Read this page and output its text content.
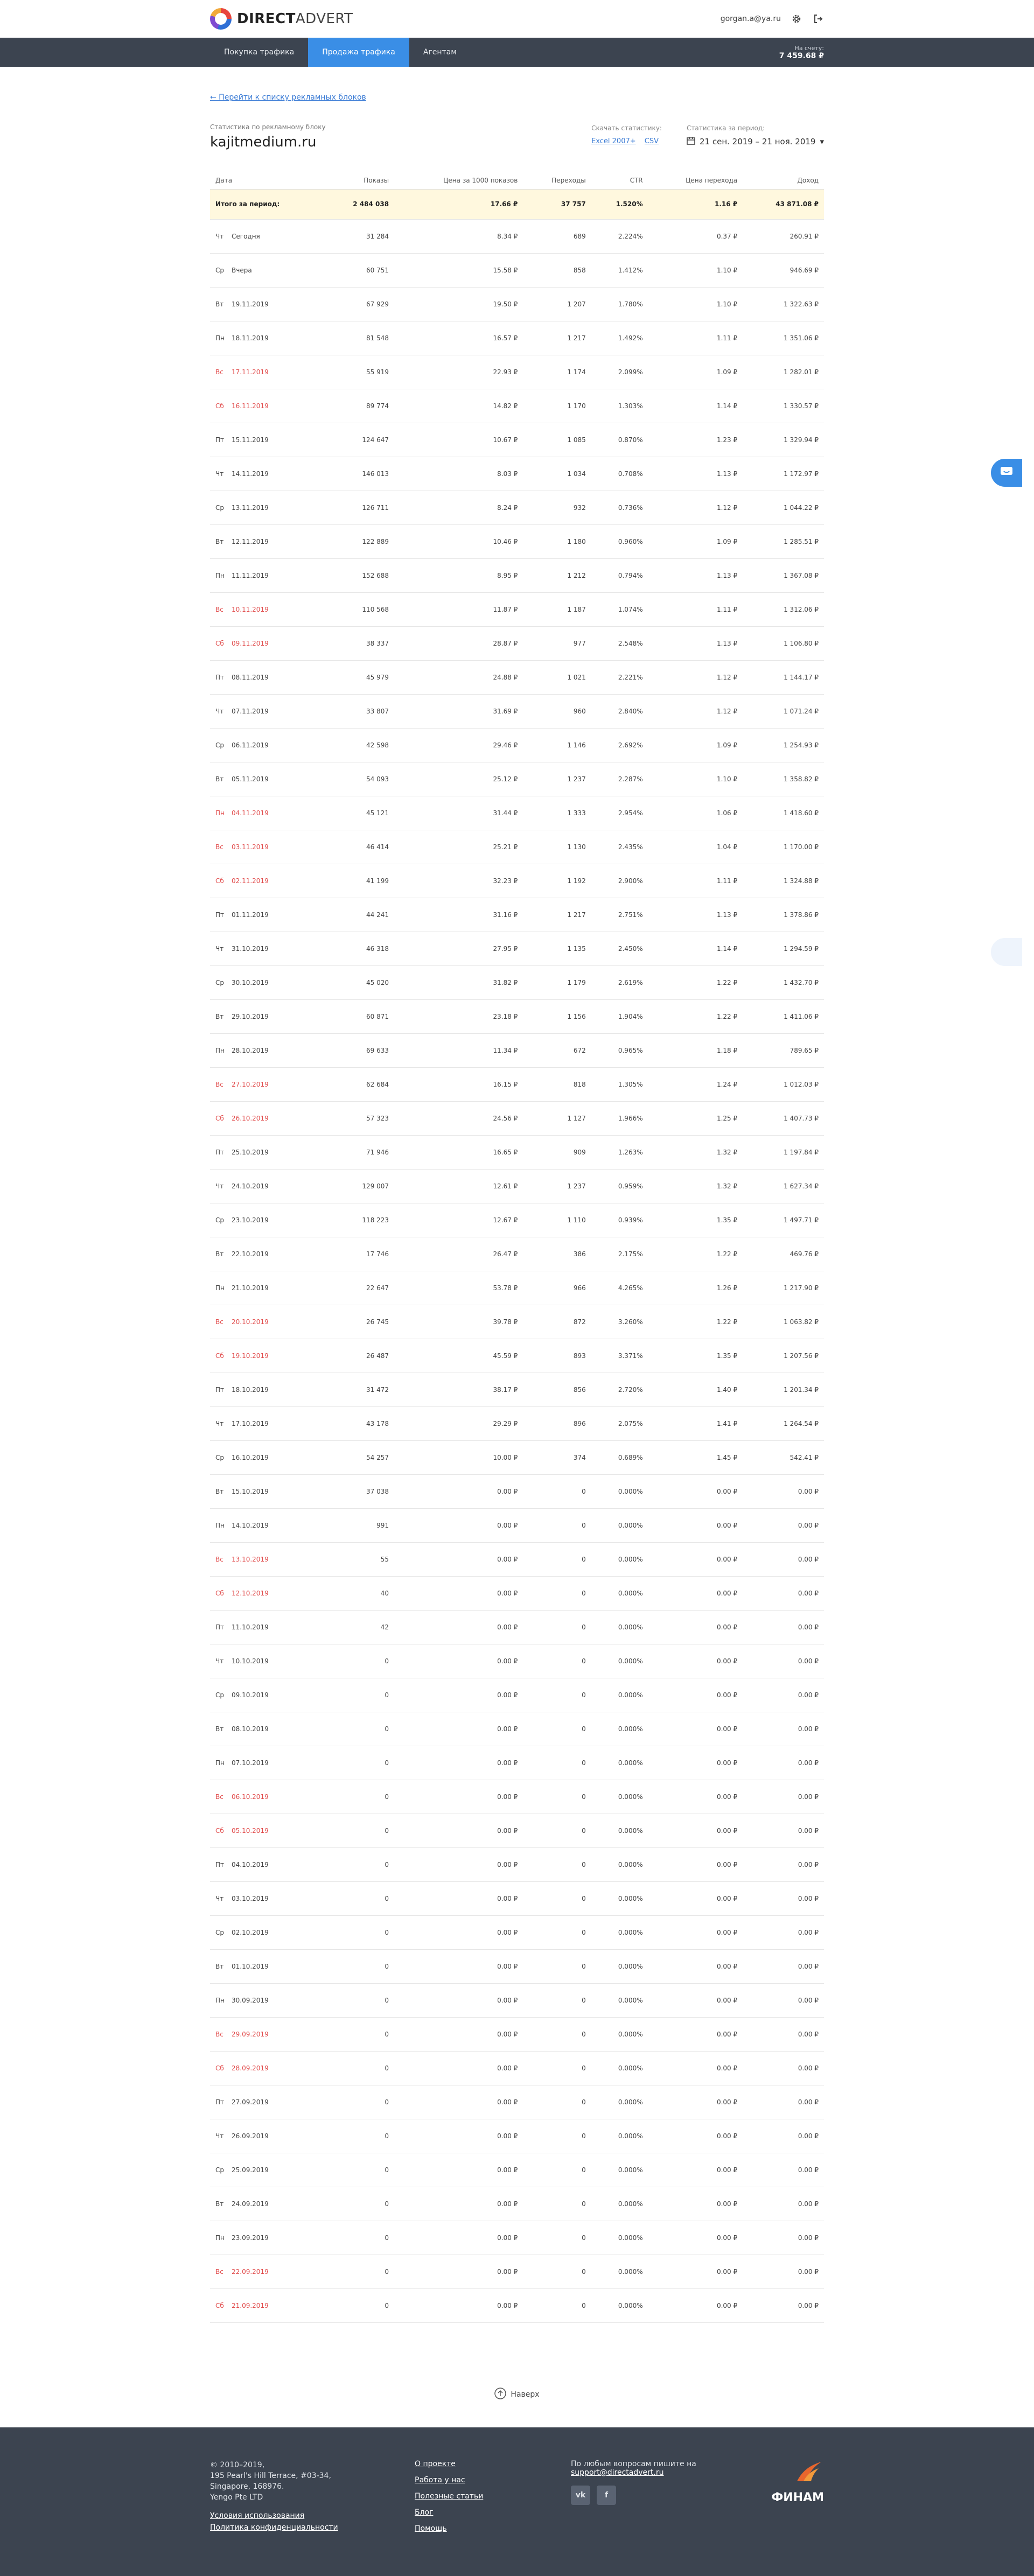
DIRECTADVERT	gorgan.a@ya.ru
Покупка трафика	Продажа трафика	Агентам	На счету:
7 459.68 ₽
← Перейти к списку рекламных блоков
Статистика по рекламному блоку
kajitmedium.ru
Скачать статистику:
Excel 2007+ CSV
Статистика за период:
21 сен. 2019 – 21 ноя. 2019 ▾
Дата	Показы	Цена за 1000 показов	Переходы	CTR	Цена перехода	Доход
Итого за период:	2 484 038	17.66 ₽	37 757	1.520%	1.16 ₽	43 871.08 ₽
Чт Сегодня	31 284	8.34 ₽	689	2.224%	0.37 ₽	260.91 ₽
Ср Вчера	60 751	15.58 ₽	858	1.412%	1.10 ₽	946.69 ₽
Вт 19.11.2019	67 929	19.50 ₽	1 207	1.780%	1.10 ₽	1 322.63 ₽
Пн 18.11.2019	81 548	16.57 ₽	1 217	1.492%	1.11 ₽	1 351.06 ₽
Вс 17.11.2019	55 919	22.93 ₽	1 174	2.099%	1.09 ₽	1 282.01 ₽
Сб 16.11.2019	89 774	14.82 ₽	1 170	1.303%	1.14 ₽	1 330.57 ₽
Пт 15.11.2019	124 647	10.67 ₽	1 085	0.870%	1.23 ₽	1 329.94 ₽
Чт 14.11.2019	146 013	8.03 ₽	1 034	0.708%	1.13 ₽	1 172.97 ₽
Ср 13.11.2019	126 711	8.24 ₽	932	0.736%	1.12 ₽	1 044.22 ₽
Вт 12.11.2019	122 889	10.46 ₽	1 180	0.960%	1.09 ₽	1 285.51 ₽
Пн 11.11.2019	152 688	8.95 ₽	1 212	0.794%	1.13 ₽	1 367.08 ₽
Вс 10.11.2019	110 568	11.87 ₽	1 187	1.074%	1.11 ₽	1 312.06 ₽
Сб 09.11.2019	38 337	28.87 ₽	977	2.548%	1.13 ₽	1 106.80 ₽
Пт 08.11.2019	45 979	24.88 ₽	1 021	2.221%	1.12 ₽	1 144.17 ₽
Чт 07.11.2019	33 807	31.69 ₽	960	2.840%	1.12 ₽	1 071.24 ₽
Ср 06.11.2019	42 598	29.46 ₽	1 146	2.692%	1.09 ₽	1 254.93 ₽
Вт 05.11.2019	54 093	25.12 ₽	1 237	2.287%	1.10 ₽	1 358.82 ₽
Пн 04.11.2019	45 121	31.44 ₽	1 333	2.954%	1.06 ₽	1 418.60 ₽
Вс 03.11.2019	46 414	25.21 ₽	1 130	2.435%	1.04 ₽	1 170.00 ₽
Сб 02.11.2019	41 199	32.23 ₽	1 192	2.900%	1.11 ₽	1 324.88 ₽
Пт 01.11.2019	44 241	31.16 ₽	1 217	2.751%	1.13 ₽	1 378.86 ₽
Чт 31.10.2019	46 318	27.95 ₽	1 135	2.450%	1.14 ₽	1 294.59 ₽
Ср 30.10.2019	45 020	31.82 ₽	1 179	2.619%	1.22 ₽	1 432.70 ₽
Вт 29.10.2019	60 871	23.18 ₽	1 156	1.904%	1.22 ₽	1 411.06 ₽
Пн 28.10.2019	69 633	11.34 ₽	672	0.965%	1.18 ₽	789.65 ₽
Вс 27.10.2019	62 684	16.15 ₽	818	1.305%	1.24 ₽	1 012.03 ₽
Сб 26.10.2019	57 323	24.56 ₽	1 127	1.966%	1.25 ₽	1 407.73 ₽
Пт 25.10.2019	71 946	16.65 ₽	909	1.263%	1.32 ₽	1 197.84 ₽
Чт 24.10.2019	129 007	12.61 ₽	1 237	0.959%	1.32 ₽	1 627.34 ₽
Ср 23.10.2019	118 223	12.67 ₽	1 110	0.939%	1.35 ₽	1 497.71 ₽
Вт 22.10.2019	17 746	26.47 ₽	386	2.175%	1.22 ₽	469.76 ₽
Пн 21.10.2019	22 647	53.78 ₽	966	4.265%	1.26 ₽	1 217.90 ₽
Вс 20.10.2019	26 745	39.78 ₽	872	3.260%	1.22 ₽	1 063.82 ₽
Сб 19.10.2019	26 487	45.59 ₽	893	3.371%	1.35 ₽	1 207.56 ₽
Пт 18.10.2019	31 472	38.17 ₽	856	2.720%	1.40 ₽	1 201.34 ₽
Чт 17.10.2019	43 178	29.29 ₽	896	2.075%	1.41 ₽	1 264.54 ₽
Ср 16.10.2019	54 257	10.00 ₽	374	0.689%	1.45 ₽	542.41 ₽
Вт 15.10.2019	37 038	0.00 ₽	0	0.000%	0.00 ₽	0.00 ₽
Пн 14.10.2019	991	0.00 ₽	0	0.000%	0.00 ₽	0.00 ₽
Вс 13.10.2019	55	0.00 ₽	0	0.000%	0.00 ₽	0.00 ₽
Сб 12.10.2019	40	0.00 ₽	0	0.000%	0.00 ₽	0.00 ₽
Пт 11.10.2019	42	0.00 ₽	0	0.000%	0.00 ₽	0.00 ₽
Чт 10.10.2019	0	0.00 ₽	0	0.000%	0.00 ₽	0.00 ₽
Ср 09.10.2019	0	0.00 ₽	0	0.000%	0.00 ₽	0.00 ₽
Вт 08.10.2019	0	0.00 ₽	0	0.000%	0.00 ₽	0.00 ₽
Пн 07.10.2019	0	0.00 ₽	0	0.000%	0.00 ₽	0.00 ₽
Вс 06.10.2019	0	0.00 ₽	0	0.000%	0.00 ₽	0.00 ₽
Сб 05.10.2019	0	0.00 ₽	0	0.000%	0.00 ₽	0.00 ₽
Пт 04.10.2019	0	0.00 ₽	0	0.000%	0.00 ₽	0.00 ₽
Чт 03.10.2019	0	0.00 ₽	0	0.000%	0.00 ₽	0.00 ₽
Ср 02.10.2019	0	0.00 ₽	0	0.000%	0.00 ₽	0.00 ₽
Вт 01.10.2019	0	0.00 ₽	0	0.000%	0.00 ₽	0.00 ₽
Пн 30.09.2019	0	0.00 ₽	0	0.000%	0.00 ₽	0.00 ₽
Вс 29.09.2019	0	0.00 ₽	0	0.000%	0.00 ₽	0.00 ₽
Сб 28.09.2019	0	0.00 ₽	0	0.000%	0.00 ₽	0.00 ₽
Пт 27.09.2019	0	0.00 ₽	0	0.000%	0.00 ₽	0.00 ₽
Чт 26.09.2019	0	0.00 ₽	0	0.000%	0.00 ₽	0.00 ₽
Ср 25.09.2019	0	0.00 ₽	0	0.000%	0.00 ₽	0.00 ₽
Вт 24.09.2019	0	0.00 ₽	0	0.000%	0.00 ₽	0.00 ₽
Пн 23.09.2019	0	0.00 ₽	0	0.000%	0.00 ₽	0.00 ₽
Вс 22.09.2019	0	0.00 ₽	0	0.000%	0.00 ₽	0.00 ₽
Сб 21.09.2019	0	0.00 ₽	0	0.000%	0.00 ₽	0.00 ₽
Наверх
© 2010–2019,
195 Pearl's Hill Terrace, #03-34,
Singapore, 168976.
Yengo Pte LTD
Условия использования
Политика конфиденциальности
О проекте
Работа у нас
Полезные статьи
Блог
Помощь
По любым вопросам пишите на
support@directadvert.ru
vk	f	ФИНАМ
